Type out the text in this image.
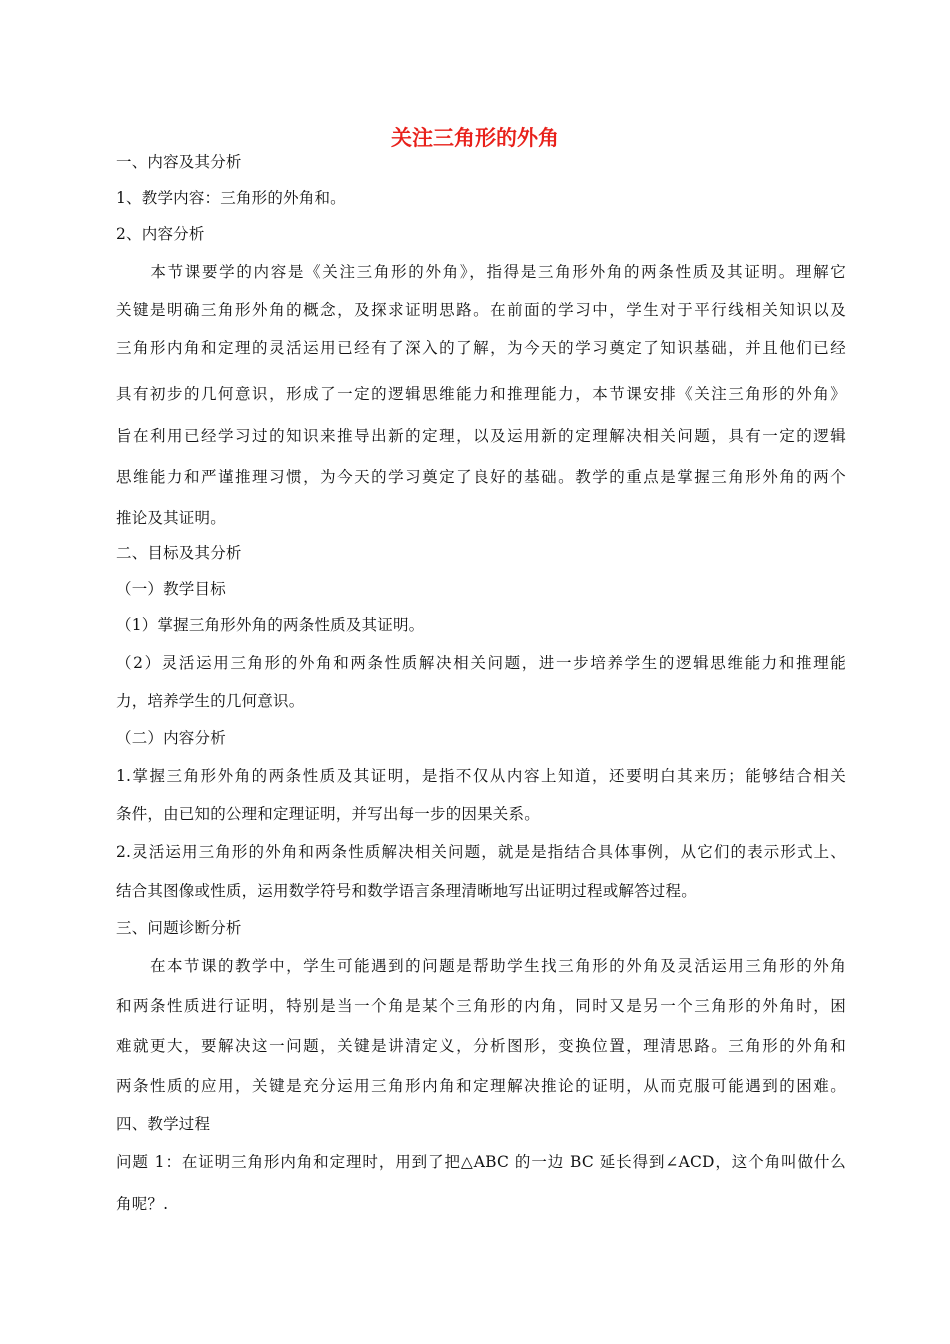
关注三角形的外角
一、内容及其分析
1、教学内容：三角形的外角和。
2、内容分析
　　本节课要学的内容是《关注三角形的外角》，指得是三角形外角的两条性质及其证明。理解它
关键是明确三角形外角的概念，及探求证明思路。在前面的学习中，学生对于平行线相关知识以及
三角形内角和定理的灵活运用已经有了深入的了解，为今天的学习奠定了知识基础，并且他们已经
具有初步的几何意识，形成了一定的逻辑思维能力和推理能力，本节课安排《关注三角形的外角》
旨在利用已经学习过的知识来推导出新的定理，以及运用新的定理解决相关问题，具有一定的逻辑
思维能力和严谨推理习惯，为今天的学习奠定了良好的基础。教学的重点是掌握三角形外角的两个
推论及其证明。
二、目标及其分析
（一）教学目标
（1）掌握三角形外角的两条性质及其证明。
（2）灵活运用三角形的外角和两条性质解决相关问题，进一步培养学生的逻辑思维能力和推理能
力，培养学生的几何意识。
（二）内容分析
1.掌握三角形外角的两条性质及其证明，是指不仅从内容上知道，还要明白其来历；能够结合相关
条件，由已知的公理和定理证明，并写出每一步的因果关系。
2.灵活运用三角形的外角和两条性质解决相关问题，就是是指结合具体事例，从它们的表示形式上、
结合其图像或性质，运用数学符号和数学语言条理清晰地写出证明过程或解答过程。
三、问题诊断分析
　　在本节课的教学中，学生可能遇到的问题是帮助学生找三角形的外角及灵活运用三角形的外角
和两条性质进行证明，特别是当一个角是某个三角形的内角，同时又是另一个三角形的外角时，困
难就更大，要解决这一问题，关键是讲清定义，分析图形，变换位置，理清思路。三角形的外角和
两条性质的应用，关键是充分运用三角形内角和定理解决推论的证明，从而克服可能遇到的困难。
四、教学过程
问题 1：在证明三角形内角和定理时，用到了把△ABC 的一边 BC 延长得到∠ACD，这个角叫做什么
角呢？.
